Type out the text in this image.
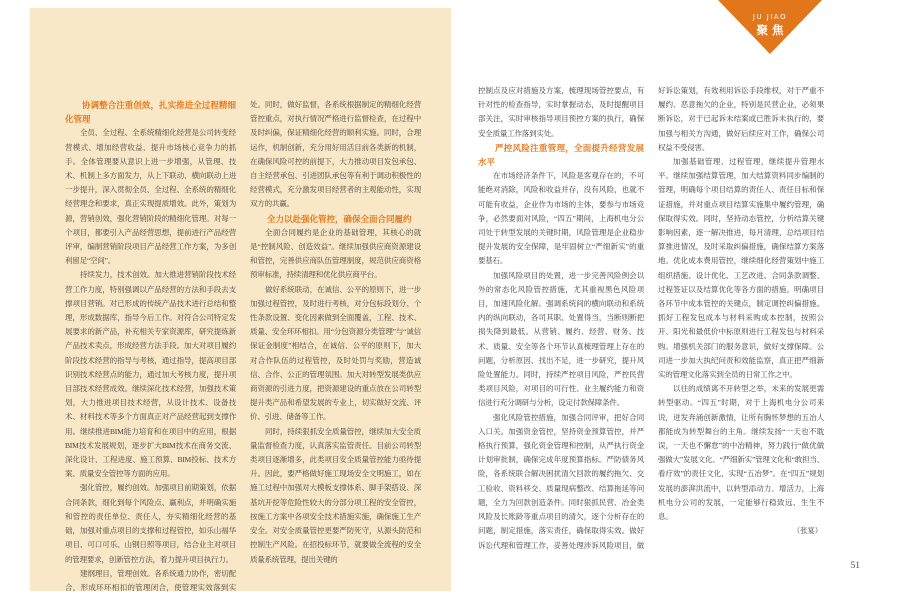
协调整合注重创效，扎实推进全过程精细化管理

全员、全过程、全系统精细化经营是公司转变经营模式、增加经营收益、提升市场核心竞争力的抓手。全体管理要从意识上进一步增强，从管理、技术、机制上多方面发力，从上下联动、横向联动上进一步提升，深入贯彻全员、全过程、全系统的精细化经营理念和要求，真正实现提质增效。此外，策划为源，营销创效，强化营销阶段的精细化管理。对每一个项目，都要引入产品经营思想，提前进行产品经营评审，编制营销阶段项目产品经营工作方案，为多创利留足“空间”。

持续发力，技术创效。加大推进营销阶段技术经营工作力度，特别强调以产品经营的方法和手段去支撑项目营销。对已形成的传统产品技术进行总结和整理，形成数据库，指导今后工作。对符合公司特定发展要求的新产品，补充相关专家资源库，研究提炼新产品技术卖点，形成经营方法手段。加大对项目履约阶段技术经营的指导与考核，通过指导，提高项目部识别技术经营点的能力，通过加大考核力度，提升项目部技术经营成效。继续深化技术经营，加强技术策划，大力推进项目技术经营，从设计技术、设备技术、材料技术等多个方面真正对产品经营起到支撑作用。继续推进BIM能力培育和在项目中的应用，根据BIM技术发展规划，逐步扩大BIM技术在商务交流、深化设计、工程进度、施工预算、BIM投标、技术方案、质量安全管控等方面的应用。

强化管控，履约创效。加强项目前期策划，依据合同条款，细化到每个风险点、赢利点，并明确实施和管控的责任单位、责任人，夯实精细化经营的基础，加强对重点项目的支撑和过程管控，如乐山福华项目、可口可乐、山钢日照等项目，结合业主对项目的管理要求，创新管控方法，着力提升项目执行力。

建纲理目，管理创效。各系统通力协作，密切配合，形成环环相扣的管理闭合，使管理实效落到实处。同时，做好监督，各系统根据制定的精细化经营管控重点，对执行情况严格进行监督检查，在过程中及时纠偏，保证精细化经营的顺利实施。同时，合理运作，机制创新，充分用好用活目前各类新的机制，在确保风险可控的前提下，大力推动项目发包承包、自主经营承包、引进团队承包等有利于调动积极性的经营模式，充分激发项目经营者的主观能动性，实现双方的共赢。

全力以赴强化管控，确保全面合同履约

全面合同履约是企业的基础管理，其核心的就是“控制风险、创造效益”。继续加强供应商资源建设和管控，完善供应商队伍管理制度，规范供应商资格预审标准，持续清理和优化供应商平台。

做好系统联动，在诚信、公平的原则下，进一步加强过程管控，及时进行考核，对分包标段划分、个性条款设置、变化因素做到全面覆盖，工程、技术、质量、安全环环相扣。用“分包资源分类管理”与“诚信保证金制度”相结合，在诚信、公平的原则下，加大对合作队伍的过程管控，及时处罚与奖励，营造诚信、合作、公正的管理氛围。加大对转型发展类供应商资源的引进力度，把资源建设的重点放在公司转型提升类产品和希望发展的专业上，切实做好交流、评价、引进、储备等工作。

同时，持续狠抓安全质量管控，继续加大安全质量监督检查力度，认真落实监管责任。目前公司转型类项目逐渐增多，此类项目安全质量管控能力亟待提升。因此，要严格做好施工现场安全文明施工，如在施工过程中加强对大模板支撑体系、脚手架搭设、深基坑开挖等危险性较大的分部分项工程的安全管控，按施工方案中各项安全技术措施实施，确保施工生产安全。对安全质量管控更要严防死守，从源头防范和控制生产风险。在招投标环节，就要做全流程的安全质量系统管理，提出关键的

控制点及应对措施及方案，梳理现场管控要点，有针对性的检查指导，实时掌握动态，及时提醒项目部关注，实时审核指导项目预控方案的执行，确保安全质量工作落到实处。

严控风险注重管理，全面提升经营发展水平

在市场经济条件下，风险是客观存在的，不可能绝对消除，风险和收益并存，没有风险，也就不可能有收益，企业作为市场的主体，要参与市场竞争，必然要面对风险，“四五”期间，上海机电分公司处于转型发展的关键时期，风险管理是企业稳步提升发展的安全保障，是牢固树立“严细新实”的重要基石。

加强风险项目的处置，进一步完善风险例会以外的常态化风险管控措施，尤其重视黑色风险项目，加速风险化解。强调系统间的横向联动和系统内的纵向联动，各司其职、处置得当，当断则断把损失降到最低。从营销、履约、经营、财务、技术、质量、安全等各个环节认真梳理管理上存在的问题，分析原因、找出不足，进一步研究，提升风险处置能力。同时，持续严控项目风险，严控民营类项目风险，对项目的可行性、业主履约能力和资信进行充分调研与分析，设定付款保障条件。

强化风险管控措施，加强合同评审，把好合同入口关。加强资金管控，坚持资金预算管控，并严格执行预算，强化资金管理和控制，从严执行资金计划审批制，确保完成年度预算指标。严防债务风险，各系统联合解决困扰清欠回款的履约拖欠、交工验收、资料移交、质量现病整改、结算拖延等问题，全力为回款创造条件。同时狠抓民营、冶金类风险及长账龄等重点项目的清欠，逐个分析存在的问题，制定措施，落实责任，确保取得实效。做好诉讼代理和管理工作，妥善处理涉诉风险项目，做好诉讼策划，有效利用诉讼手段维权，对于严重不履约、恶意拖欠的企业，特别是民营企业，必须果断诉讼，对于已起诉未结案或已胜诉未执行的，要加强与相关方沟通，做好后续应对工作，确保公司权益不受侵害。

加强基础管理、过程管理，继续提升管理水平。继续加强结算管理，加大结算资料同步编制的管理，明确每个项目结算的责任人、责任目标和保证措施，并对重点项目结算实施集中履约管理，确保取得实效。同时，坚持动态管控，分析结算关键影响因素，逐一解决推进，每月清理、总结项目结算推进情况，及时采取纠偏措施，确保结算方案落地。优化成本费用管控，继续细化经营策划中施工组织措施、设计优化、工艺改进、合同条款调整、过程签证以及结算优化等各方面的措施。明确项目各环节中成本管控的关键点，制定调控纠偏措施。抓好工程发包成本与材料采购成本控制，按照公开、阳光和最低价中标原则进行工程发包与材料采购。增强机关部门的服务意识，做好支撑保障。公司进一步加大执纪问责和效能监察，真正把严细新实的管理文化落实到全员的日常工作之中。

以往的成绩离不开转型之举，未来的发展更需转型驱动。“四五”时期，对于上海机电分公司来说，迸发奔涌创新激情，让所有胸怀梦想的五冶人都能成为转型舞台的主角。继续发扬“一天也不耽误，一天也不懈怠”的中冶精神，努力践行“做优做强做大”发展文化、“严细新实”管理文化和“敢担当、看疗效”的责任文化，实现“五冶梦”。在“四五”规划发展的澎湃洪流中，以转型添动力、增活力，上海机电分公司的发展，一定能够行稳致远、生生不息。

（张宴）

51
JU JIAO
聚焦
